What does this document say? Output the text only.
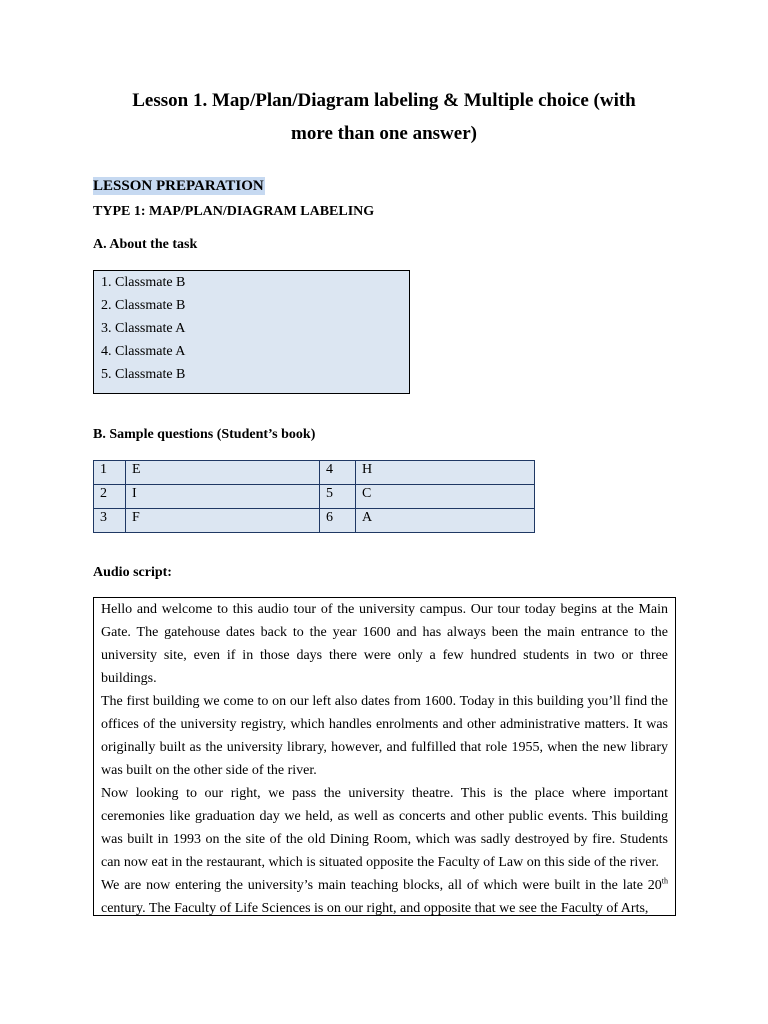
Lesson 1. Map/Plan/Diagram labeling & Multiple choice (with
more than one answer)
LESSON PREPARATION
TYPE 1: MAP/PLAN/DIAGRAM LABELING
A. About the task
1. Classmate B
2. Classmate B
3. Classmate A
4. Classmate A
5. Classmate B
B. Sample questions (Student’s book)
1	E	4	H
2	I	5	C
3	F	6	A
Audio script:

Hello and welcome to this audio tour of the university campus. Our tour today begins at the Main Gate. The gatehouse dates back to the year 1600 and has always been the main entrance to the university site, even if in those days there were only a few hundred students in two or three buildings.

The first building we come to on our left also dates from 1600. Today in this building you’ll find the offices of the university registry, which handles enrolments and other administrative matters. It was originally built as the university library, however, and fulfilled that role 1955, when the new library was built on the other side of the river.

Now looking to our right, we pass the university theatre. This is the place where important ceremonies like graduation day we held, as well as concerts and other public events. This building was built in 1993 on the site of the old Dining Room, which was sadly destroyed by fire. Students can now eat in the restaurant, which is situated opposite the Faculty of Law on this side of the river.

We are now entering the university’s main teaching blocks, all of which were built in the late 20th century. The Faculty of Life Sciences is on our right, and opposite that we see the Faculty of Arts,
